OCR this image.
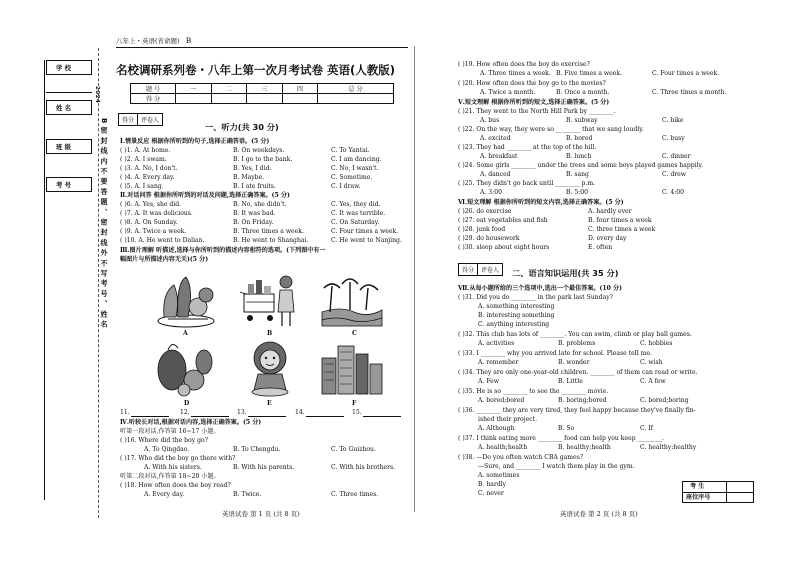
学 校
姓 名
班 级
考 号
2024
B密封线内不要答题、密封线外不写考号、姓名
八年上・英语(省命题) B
名校调研系列卷・八年上第一次月考试卷 英语(人教版)
题 号	一	二	三	四	总 分
得 分					
得分	评卷人
一、听力(共 30 分)
Ⅰ.情景反应 根据你所听到的句子,选择正确答语。(5 分)
( )1. A. At home.	B. On weekdays.	C. To Yantai.
( )2. A. I swam.	B. I go to the bank.	C. I am dancing.
( )3. A. No, I don't.	B. Yes, I did.	C. No, I wasn't.
( )4. A. Every day.	B. Maybe.	C. Sometime.
( )5. A. I sang.	B. I ate fruits.	C. I draw.
Ⅱ.对话问答 根据你所听到的对话及问题,选择正确答案。(5 分)
( )6. A. Yes, she did.	B. No, she didn't.	C. Yes, they did.
( )7. A. It was delicious.	B. It was bad.	C. It was terrible.
( )8. A. On Sunday.	B. On Friday.	C. On Saturday.
( )9. A. Twice a week.	B. Three times a week.	C. Four times a week.
( )10. A. He went to Dalian.	B. He went to Shanghai.	C. He went to Nanjing.
Ⅲ.图片理解 听描述,选择与你所听到的描述内容相符的选项。(下列图中有一
幅图片与所描述内容无关)(5 分)
A	B	C
D	E	F
11.	12.	13.	14.	15.
Ⅳ.听较长对话,根据对话内容,选择正确答案。(5 分)
听第一段对话,作答第 16~17 小题。
( )16. Where did the boy go?
A. To Qingdao.	B. To Chengdu.	C. To Guizhou.
( )17. Who did the boy go there with?
A. With his sisters.	B. With his parents.	C. With his brothers.
听第二段对话,作答第 18~20 小题。
( )18. How often does the boy read?
A. Every day.	B. Twice.	C. Three times.
英语试卷 第 1 页 (共 8 页)
( )19. How often does the boy do exercise?
A. Three times a week. B. Five times a week.	C. Four times a week.
( )20. How often does the boy go to the movies?
A. Twice a month.	B. Once a month.	C. Three times a month.
Ⅴ.短文理解 根据你所听到的短文,选择正确答案。(5 分)
( )21. They went to the North Hill Park by ________.
A. bus	B. subway	C. bike
( )22. On the way, they were so ________ that we sang loudly.
A. excited	B. bored	C. busy
( )23. They had ________ at the top of the hill.
A. breakfast	B. lunch	C. dinner
( )24. Some girls ________ under the trees and some boys played games happily.
A. danced	B. sang	C. drew
( )25. They didn't go back until ________ p.m.
A. 3:00	B. 5:00	C. 4:00
Ⅵ.短文理解 根据你所听到的短文内容,选择正确答案。(5 分)
( )26. do exercise	A. hardly ever
( )27. eat vegetables and fish	B. four times a week
( )28. junk food	C. three times a week
( )29. do housework	D. every day
( )30. sleep about eight hours	E. often
得分	评卷人	二、语言知识运用(共 35 分)
Ⅶ.从每小题所给的三个选项中,选出一个最佳答案。(10 分)
( )31. Did you do ________ in the park last Sunday?
A. something interesting
B. interesting something
C. anything interesting
( )32. This club has lots of ________. You can swim, climb or play ball games.
A. activities	B. problems	C. hobbies
( )33. I ________ why you arrived late for school. Please tell me.
A. remember	B. wonder	C. wish
( )34. They are only one-year-old children. ________ of them can read or write.
A. Few	B. Little	C. A few
( )35. He is so ________ to see the ________ movie.
A. bored;bored	B. boring;bored	C. bored;boring
( )36. ________ they are very tired, they feel happy because they've finally fin-
ished their project.
A. Although	B. So	C. If
( )37. I think eating more ________ food can help you keep ________.
A. health;health	B. healthy;health	C. healthy;healthy
( )38. —Do you often watch CBA games?
—Sure, and ________ I watch them play in the gym.
A. sometimes
B. hardly
C. never
考 生
座位序号
英语试卷 第 2 页 (共 8 页)
